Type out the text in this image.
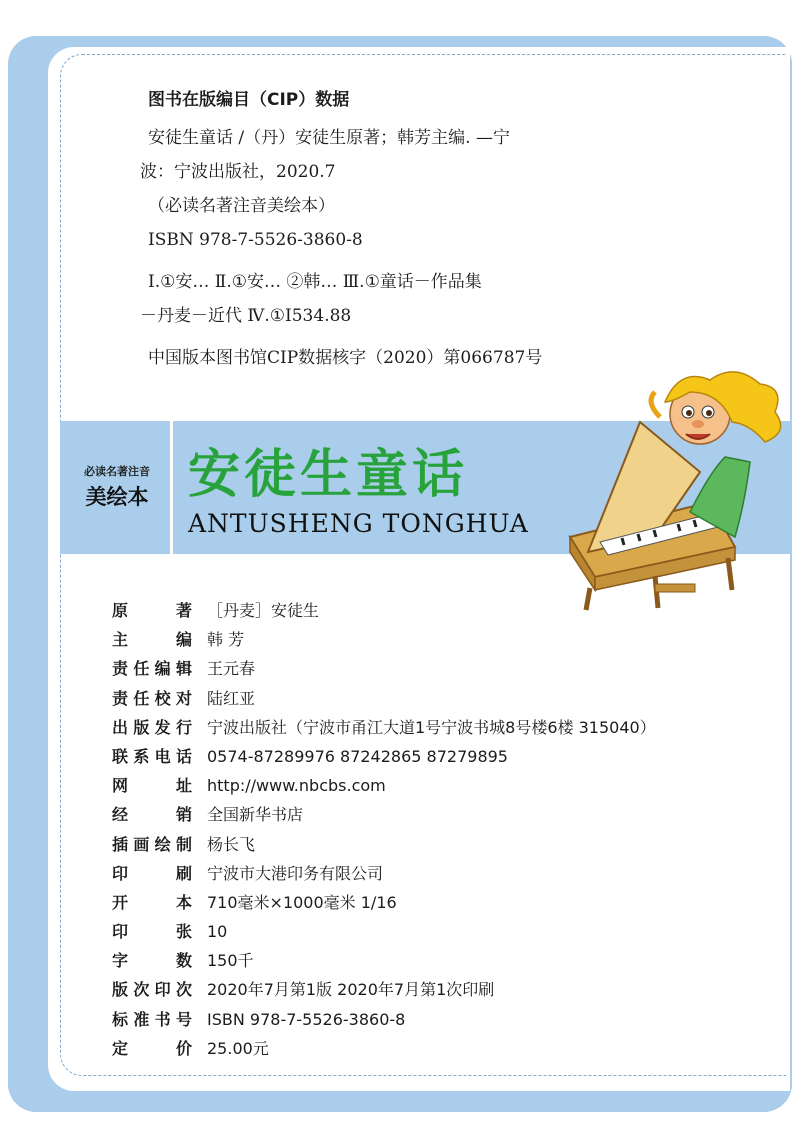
图书在版编目（CIP）数据
安徒生童话 /（丹）安徒生原著；韩芳主编. —宁
波：宁波出版社，2020.7
（必读名著注音美绘本）
ISBN 978-7-5526-3860-8
Ⅰ.①安… Ⅱ.①安… ②韩… Ⅲ.①童话－作品集
－丹麦－近代 Ⅳ.①I534.88
中国版本图书馆CIP数据核字（2020）第066787号
必读名著注音
美绘本 安徒生童话
ANTUSHENG TONGHUA
原著 ［丹麦］安徒生
主编 韩 芳
责任编辑 王元春
责任校对 陆红亚
出版发行 宁波出版社（宁波市甬江大道1号宁波书城8号楼6楼 315040）
联系电话 0574-87289976 87242865 87279895
网址 http://www.nbcbs.com
经销 全国新华书店
插画绘制 杨长飞
印刷 宁波市大港印务有限公司
开本 710毫米×1000毫米 1/16
印张 10
字数 150千
版次印次 2020年7月第1版 2020年7月第1次印刷
标准书号 ISBN 978-7-5526-3860-8
定价 25.00元
